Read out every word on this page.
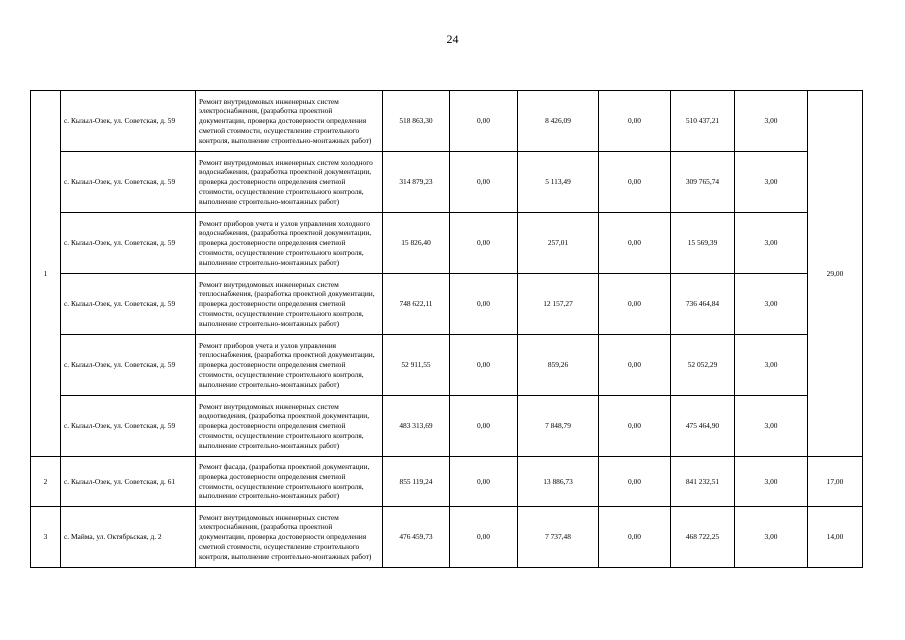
24
1	с. Кызыл-Озек, ул. Советская, д. 59	Ремонт внутридомовых инженерных систем электроснабжения, (разработка проектной документации, проверка достоверности определения сметной стоимости, осуществление строительного контроля, выполнение строительно-монтажных работ)	518 863,30	0,00	8 426,09	0,00	510 437,21	3,00	29,00
	с. Кызыл-Озек, ул. Советская, д. 59	Ремонт внутридомовых инженерных систем холодного водоснабжения, (разработка проектной документации, проверка достоверности определения сметной стоимости, осуществление строительного контроля, выполнение строительно-монтажных работ)	314 879,23	0,00	5 113,49	0,00	309 765,74	3,00	
	с. Кызыл-Озек, ул. Советская, д. 59	Ремонт приборов учета и узлов управления холодного водоснабжения, (разработка проектной документации, проверка достоверности определения сметной стоимости, осуществление строительного контроля, выполнение строительно-монтажных работ)	15 826,40	0,00	257,01	0,00	15 569,39	3,00	
	с. Кызыл-Озек, ул. Советская, д. 59	Ремонт внутридомовых инженерных систем теплоснабжения, (разработка проектной документации, проверка достоверности определения сметной стоимости, осуществление строительного контроля, выполнение строительно-монтажных работ)	748 622,11	0,00	12 157,27	0,00	736 464,84	3,00	
	с. Кызыл-Озек, ул. Советская, д. 59	Ремонт приборов учета и узлов управления теплоснабжения, (разработка проектной документации, проверка достоверности определения сметной стоимости, осуществление строительного контроля, выполнение строительно-монтажных работ)	52 911,55	0,00	859,26	0,00	52 052,29	3,00	
	с. Кызыл-Озек, ул. Советская, д. 59	Ремонт внутридомовых инженерных систем водоотведения, (разработка проектной документации, проверка достоверности определения сметной стоимости, осуществление строительного контроля, выполнение строительно-монтажных работ)	483 313,69	0,00	7 848,79	0,00	475 464,90	3,00	
2	с. Кызыл-Озек, ул. Советская, д. 61	Ремонт фасада, (разработка проектной документации, проверка достоверности определения сметной стоимости, осуществление строительного контроля, выполнение строительно-монтажных работ)	855 119,24	0,00	13 886,73	0,00	841 232,51	3,00	17,00
3	с. Майма, ул. Октябрьская, д. 2	Ремонт внутридомовых инженерных систем электроснабжения, (разработка проектной документации, проверка достоверности определения сметной стоимости, осуществление строительного контроля, выполнение строительно-монтажных работ)	476 459,73	0,00	7 737,48	0,00	468 722,25	3,00	14,00
